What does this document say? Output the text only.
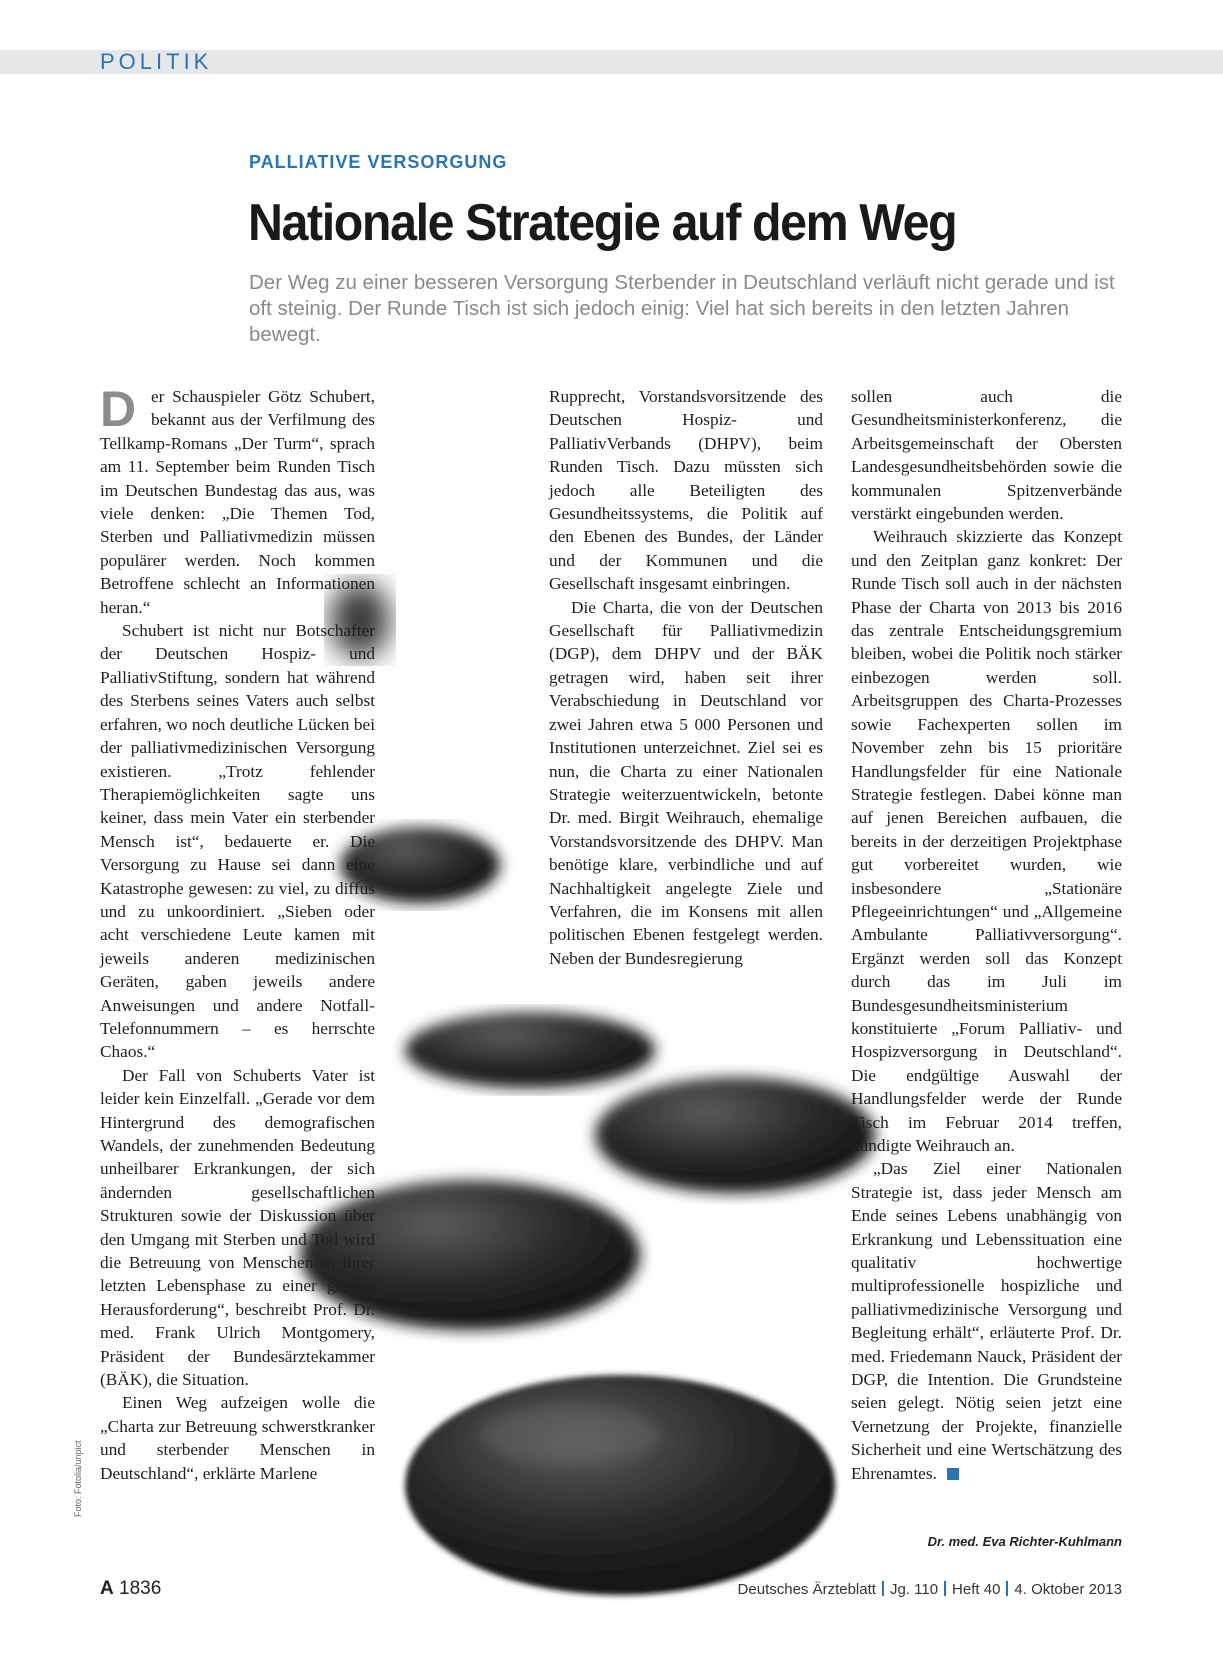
POLITIK
PALLIATIVE VERSORGUNG
Nationale Strategie auf dem Weg
Der Weg zu einer besseren Versorgung Sterbender in Deutschland verläuft nicht gerade und ist oft steinig. Der Runde Tisch ist sich jedoch einig: Viel hat sich bereits in den letzten Jahren bewegt.

Der Schauspieler Götz Schubert, bekannt aus der Verfilmung des Tellkamp-Romans „Der Turm“, sprach am 11. September beim Runden Tisch im Deutschen Bundestag das aus, was viele denken: „Die Themen Tod, Sterben und Palliativmedizin müssen populärer werden. Noch kommen Betroffene schlecht an Informationen heran.“

Schubert ist nicht nur Botschafter der Deutschen Hospiz- und PalliativStiftung, sondern hat während des Sterbens seines Vaters auch selbst erfahren, wo noch deutliche Lücken bei der palliativmedizinischen Versorgung existieren. „Trotz fehlender Therapiemöglichkeiten sagte uns keiner, dass mein Vater ein sterbender Mensch ist“, bedauerte er. Die Versorgung zu Hause sei dann eine Katastrophe gewesen: zu viel, zu diffus und zu unkoordiniert. „Sieben oder acht verschiedene Leute kamen mit jeweils anderen medizinischen Geräten, gaben jeweils andere Anweisungen und andere Notfall-Telefonnummern – es herrschte Chaos.“

Der Fall von Schuberts Vater ist leider kein Einzelfall. „Gerade vor dem Hintergrund des demografischen Wandels, der zunehmenden Bedeutung unheilbarer Erkrankungen, der sich ändernden gesellschaftlichen Strukturen sowie der Diskussion über den Umgang mit Sterben und Tod wird die Betreuung von Menschen in ihrer letzten Lebensphase zu einer großen Herausforderung“, beschreibt Prof. Dr. med. Frank Ulrich Montgomery, Präsident der Bundesärztekammer (BÄK), die Situation.

Einen Weg aufzeigen wolle die „Charta zur Betreuung schwerstkranker und sterbender Menschen in Deutschland“, erklärte Marlene

Rupprecht, Vorstandsvorsitzende des Deutschen Hospiz- und PalliativVerbands (DHPV), beim Runden Tisch. Dazu müssten sich jedoch alle Beteiligten des Gesundheitssystems, die Politik auf den Ebenen des Bundes, der Länder und der Kommunen und die Gesellschaft insgesamt einbringen.

Die Charta, die von der Deutschen Gesellschaft für Palliativmedizin (DGP), dem DHPV und der BÄK getragen wird, haben seit ihrer Verabschiedung in Deutschland vor zwei Jahren etwa 5 000 Personen und Institutionen unterzeichnet. Ziel sei es nun, die Charta zu einer Nationalen Strategie weiterzuentwickeln, betonte Dr. med. Birgit Weihrauch, ehemalige Vorstandsvorsitzende des DHPV. Man benötige klare, verbindliche und auf Nachhaltigkeit angelegte Ziele und Verfahren, die im Konsens mit allen politischen Ebenen festgelegt werden. Neben der Bundesregierung

sollen auch die Gesundheitsministerkonferenz, die Arbeitsgemeinschaft der Obersten Landesgesundheitsbehörden sowie die kommunalen Spitzenverbände verstärkt eingebunden werden.

Weihrauch skizzierte das Konzept und den Zeitplan ganz konkret: Der Runde Tisch soll auch in der nächsten Phase der Charta von 2013 bis 2016 das zentrale Entscheidungsgremium bleiben, wobei die Politik noch stärker einbezogen werden soll. Arbeitsgruppen des Charta-Prozesses sowie Fachexperten sollen im November zehn bis 15 prioritäre Handlungsfelder für eine Nationale Strategie festlegen. Dabei könne man auf jenen Bereichen aufbauen, die bereits in der derzeitigen Projektphase gut vorbereitet wurden, wie insbesondere „Stationäre Pflegeeinrichtungen“ und „Allgemeine Ambulante Palliativversorgung“. Ergänzt werden soll das Konzept durch das im Juli im Bundesgesundheitsministerium konstituierte „Forum Palliativ- und Hospizversorgung in Deutschland“. Die endgültige Auswahl der Handlungsfelder werde der Runde Tisch im Februar 2014 treffen, kündigte Weihrauch an.

„Das Ziel einer Nationalen Strategie ist, dass jeder Mensch am Ende seines Lebens unabhängig von Erkrankung und Lebenssituation eine qualitativ hochwertige multiprofessionelle hospizliche und palliativmedizinische Versorgung und Begleitung erhält“, erläuterte Prof. Dr. med. Friedemann Nauck, Präsident der DGP, die Intention. Die Grundsteine seien gelegt. Nötig seien jetzt eine Vernetzung der Projekte, finanzielle Sicherheit und eine Wertschätzung des Ehrenamtes.

Dr. med. Eva Richter-Kuhlmann
Foto: Fotolia/unpict
A 1836	Deutsches Ärzteblatt Jg. 110 Heft 40 4. Oktober 2013
